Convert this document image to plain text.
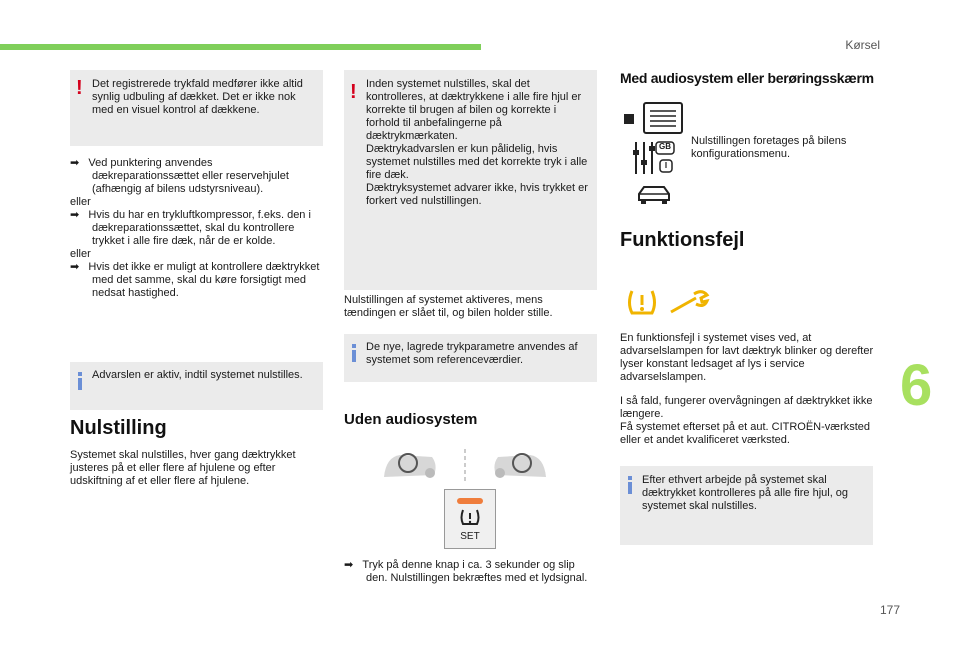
Kørsel
6
177
! Det registrerede trykfald medfører ikke altid synlig udbuling af dækket. Det er ikke nok med en visuel kontrol af dækkene.

➡   Ved punktering anvendes dækreparationssættet eller reservehjulet (afhængig af bilens udstyrsniveau).

eller

➡   Hvis du har en trykluftkompressor, f.eks. den i dækreparationssættet, skal du kontrollere trykket i alle fire dæk, når de er kolde.

eller

➡   Hvis det ikke er muligt at kontrollere dæktrykket med det samme, skal du køre forsigtigt med nedsat hastighed.

Advarslen er aktiv, indtil systemet nulstilles.

Nulstilling

Systemet skal nulstilles, hver gang dæktrykket justeres på et eller flere af hjulene og efter udskiftning af et eller flere af hjulene.

! Inden systemet nulstilles, skal det kontrolleres, at dæktrykkene i alle fire hjul er korrekte til brugen af bilen og korrekte i forhold til anbefalingerne på dæktrykmærkaten.

Dæktrykadvarslen er kun pålidelig, hvis systemet nulstilles med det korrekte tryk i alle fire dæk.

Dæktryksystemet advarer ikke, hvis trykket er forkert ved nulstillingen.

Nulstillingen af systemet aktiveres, mens tændingen er slået til, og bilen holder stille.

De nye, lagrede trykparametre anvendes af systemet som referenceværdier.

Uden audiosystem
SET

➡   Tryk på denne knap i ca. 3 sekunder og slip den. Nulstillingen bekræftes med et lydsignal.

Med audiosystem eller berøringsskærm
GB
I

Nulstillingen foretages på bilens konfigurationsmenu.

Funktionsfejl

En funktionsfejl i systemet vises ved, at advarselslampen for lavt dæktryk blinker og derefter lyser konstant ledsaget af lys i service advarselslampen.

I så fald, fungerer overvågningen af dæktrykket ikke længere.

Få systemet efterset på et aut. CITROËN-værksted eller et andet kvalificeret værksted.

Efter ethvert arbejde på systemet skal dæktrykket kontrolleres på alle fire hjul, og systemet skal nulstilles.
